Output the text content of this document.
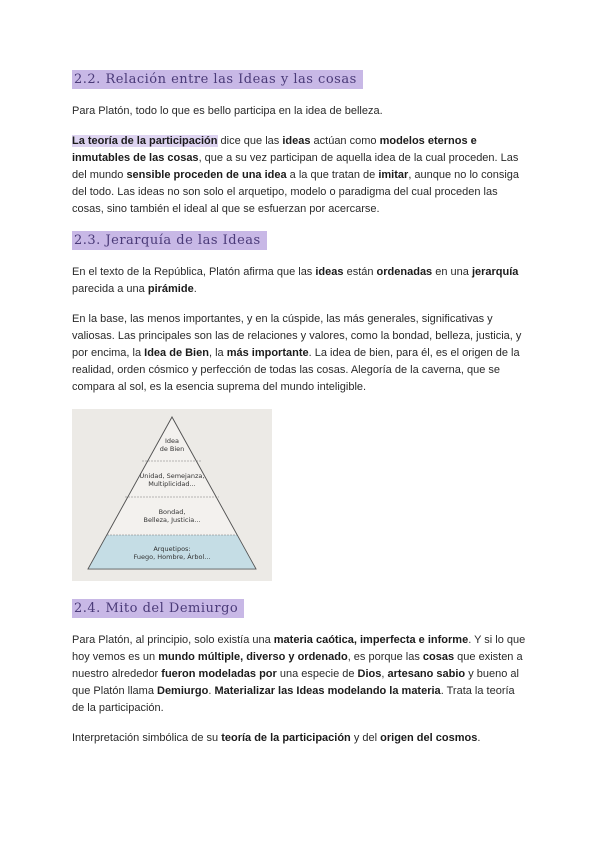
2.2. Relación entre las Ideas y las cosas

Para Platón, todo lo que es bello participa en la idea de belleza.

La teoría de la participación dice que las ideas actúan como modelos eternos e inmutables de las cosas, que a su vez participan de aquella idea de la cual proceden. Las del mundo sensible proceden de una idea a la que tratan de imitar, aunque no lo consiga del todo. Las ideas no son solo el arquetipo, modelo o paradigma del cual proceden las cosas, sino también el ideal al que se esfuerzan por acercarse.

2.3. Jerarquía de las Ideas

En el texto de la República, Platón afirma que las ideas están ordenadas en una jerarquía parecida a una pirámide.

En la base, las menos importantes, y en la cúspide, las más generales, significativas y valiosas. Las principales son las de relaciones y valores, como la bondad, belleza, justicia, y por encima, la Idea de Bien, la más importante. La idea de bien, para él, es el origen de la realidad, orden cósmico y perfección de todas las cosas. Alegoría de la caverna, que se compara al sol, es la esencia suprema del mundo inteligible.

Idea
de Bien
Unidad, Semejanza,
Multiplicidad...
Bondad,
Belleza, Justicia...
Arquetipos:
Fuego, Hombre, Árbol...
2.4. Mito del Demiurgo

Para Platón, al principio, solo existía una materia caótica, imperfecta e informe. Y si lo que hoy vemos es un mundo múltiple, diverso y ordenado, es porque las cosas que existen a nuestro alrededor fueron modeladas por una especie de Dios, artesano sabio y bueno al que Platón llama Demiurgo. Materializar las Ideas modelando la materia. Trata la teoría de la participación.

Interpretación simbólica de su teoría de la participación y del origen del cosmos.
